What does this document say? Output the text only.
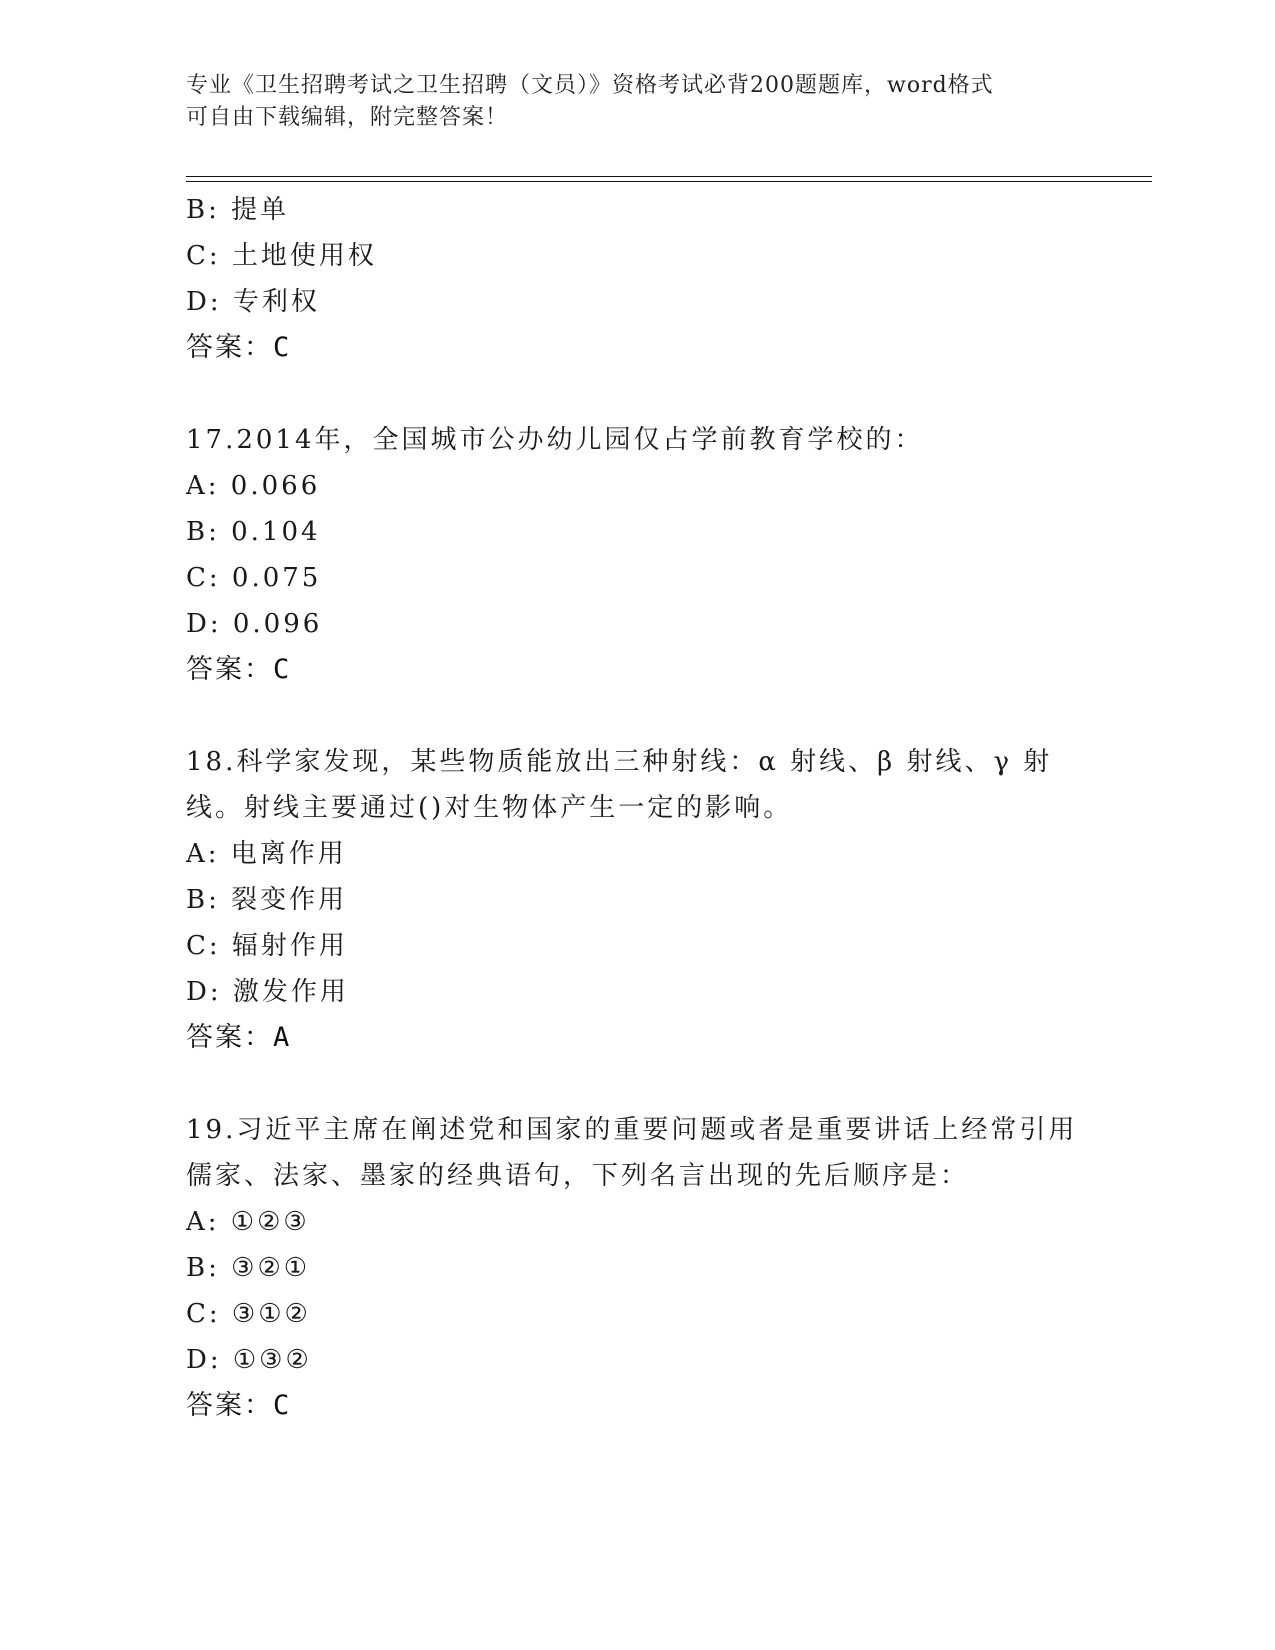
专业《卫生招聘考试之卫生招聘（文员）》资格考试必背200题题库，word格式
可自由下载编辑，附完整答案！
B: 提单
C: 土地使用权
D: 专利权
答案：C
17.2014年，全国城市公办幼儿园仅占学前教育学校的：
A: 0.066
B: 0.104
C: 0.075
D: 0.096
答案：C
18.科学家发现，某些物质能放出三种射线：α 射线、β 射线、γ 射
线。射线主要通过()对生物体产生一定的影响。
A: 电离作用
B: 裂变作用
C: 辐射作用
D: 激发作用
答案：A
19.习近平主席在阐述党和国家的重要问题或者是重要讲话上经常引用
儒家、法家、墨家的经典语句，下列名言出现的先后顺序是：
A: ①②③
B: ③②①
C: ③①②
D: ①③②
答案：C
